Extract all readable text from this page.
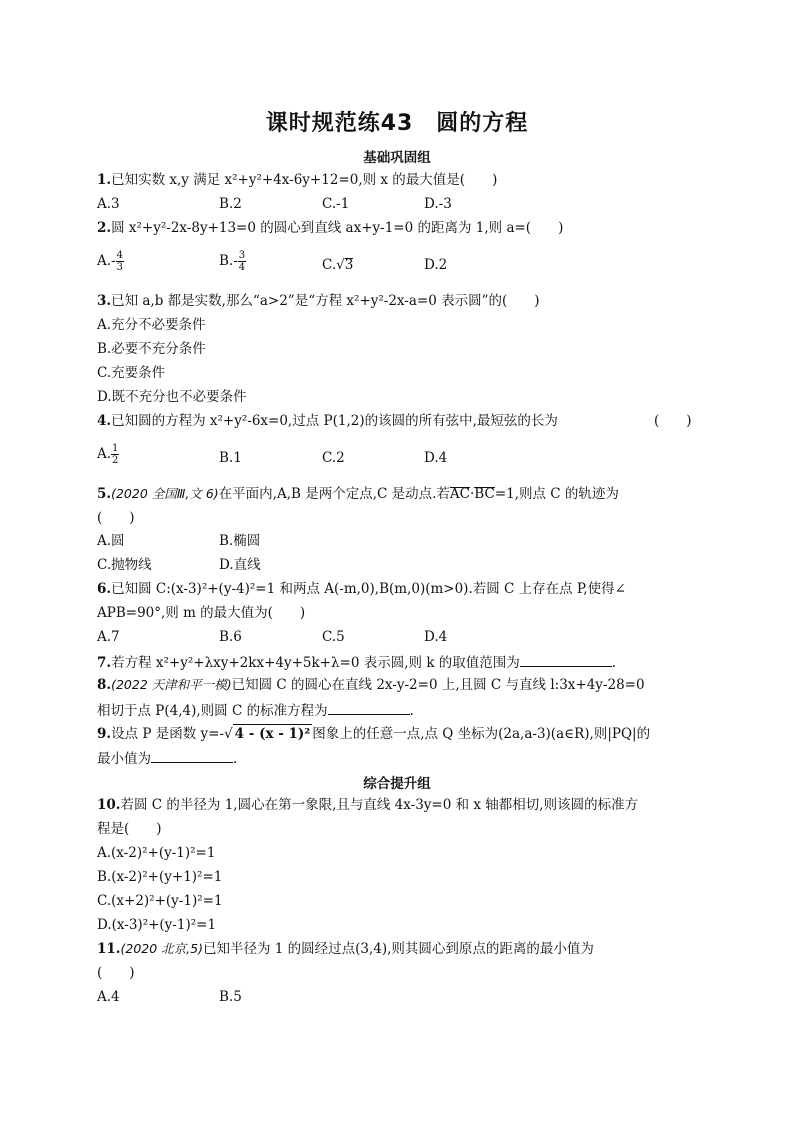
课时规范练43　圆的方程
基础巩固组
1.已知实数 x,y 满足 x²+y²+4x-6y+12=0,则 x 的最大值是(　　)
A.3	B.2	C.-1	D.-3
2.圆 x²+y²-2x-8y+13=0 的圆心到直线 ax+y-1=0 的距离为 1,则 a=(　　)
$A.- \frac{4}{3}$	$B.- \frac{3}{4}$	C.√3	D.2
3.已知 a,b 都是实数,那么“a>2”是“方程 x²+y²-2x-a=0 表示圆”的(　　)
A.充分不必要条件
B.必要不充分条件
C.充要条件
D.既不充分也不必要条件
4.已知圆的方程为 x²+y²-6x=0,过点 P(1,2)的该圆的所有弦中,最短弦的长为	(　　)
A. $\frac{1}{2}$	B.1	C.2	D.4
5.(2020 全国Ⅲ,文 6)在平面内,A,B 是两个定点,C 是动点.若AC·BC=1,则点 C 的轨迹为
(　　)
A.圆	B.椭圆
C.抛物线	D.直线
6.已知圆 C:(x-3)²+(y-4)²=1 和两点 A(-m,0),B(m,0)(m>0).若圆 C 上存在点 P,使得∠
APB=90°,则 m 的最大值为(　　)
A.7	B.6	C.5	D.4
7.若方程 x²+y²+λxy+2kx+4y+5k+λ=0 表示圆,则 k 的取值范围为	.
8.(2022 天津和平一模)已知圆 C 的圆心在直线 2x-y-2=0 上,且圆 C 与直线 l:3x+4y-28=0
相切于点 P(4,4),则圆 C 的标准方程为	.
9.设点 P 是函数 y=-√ 4 - (x - 1)² 图象上的任意一点,点 Q 坐标为(2a,a-3)(a∈R),则|PQ|的
最小值为	.
综合提升组
10.若圆 C 的半径为 1,圆心在第一象限,且与直线 4x-3y=0 和 x 轴都相切,则该圆的标准方
程是(　　)
A.(x-2)²+(y-1)²=1
B.(x-2)²+(y+1)²=1
C.(x+2)²+(y-1)²=1
D.(x-3)²+(y-1)²=1
11.(2020 北京,5)已知半径为 1 的圆经过点(3,4),则其圆心到原点的距离的最小值为
(　　)
A.4	B.5
